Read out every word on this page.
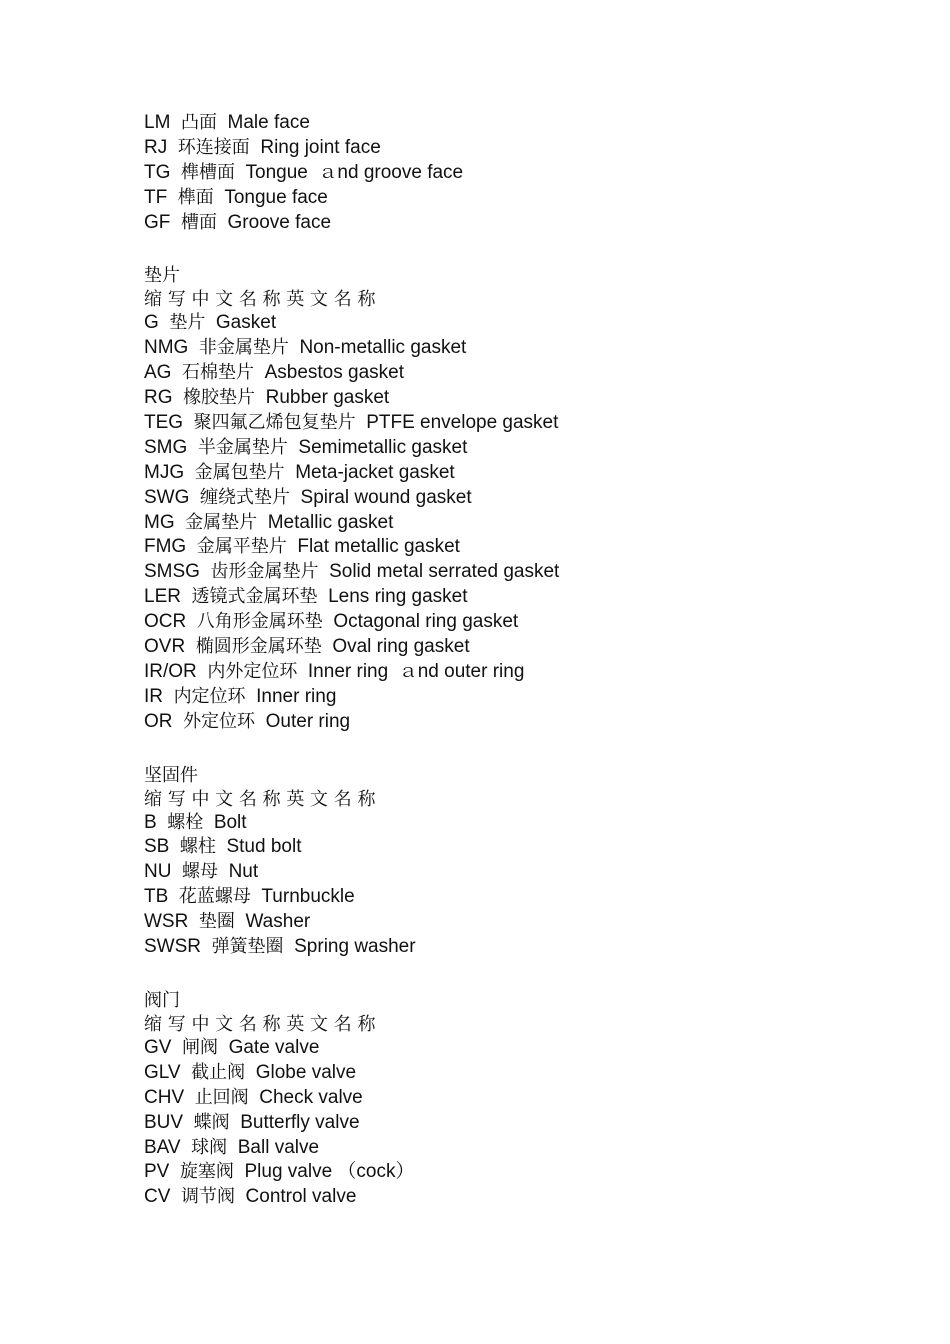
LM 凸面 Male face
RJ 环连接面 Ring joint face
TG 榫槽面 Tongue  ａnd groove face
TF 榫面 Tongue face
GF 槽面 Groove face
垫片
缩 写 中 文 名 称 英 文 名 称
G 垫片 Gasket
NMG 非金属垫片 Non-metallic gasket
AG 石棉垫片 Asbestos gasket
RG 橡胶垫片 Rubber gasket
TEG 聚四氟乙烯包复垫片 PTFE envelope gasket
SMG 半金属垫片 Semimetallic gasket
MJG 金属包垫片 Meta-jacket gasket
SWG 缠绕式垫片 Spiral wound gasket
MG 金属垫片 Metallic gasket
FMG 金属平垫片 Flat metallic gasket
SMSG 齿形金属垫片 Solid metal serrated gasket
LER 透镜式金属环垫 Lens ring gasket
OCR 八角形金属环垫 Octagonal ring gasket
OVR 椭圆形金属环垫 Oval ring gasket
IR/OR 内外定位环 Inner ring  ａnd outer ring
IR 内定位环 Inner ring
OR 外定位环 Outer ring
坚固件
缩 写 中 文 名 称 英 文 名 称
B 螺栓 Bolt
SB 螺柱 Stud bolt
NU 螺母 Nut
TB 花蓝螺母 Turnbuckle
WSR 垫圈 Washer
SWSR 弹簧垫圈 Spring washer
阀门
缩 写 中 文 名 称 英 文 名 称
GV 闸阀 Gate valve
GLV 截止阀 Globe valve
CHV 止回阀 Check valve
BUV 蝶阀 Butterfly valve
BAV 球阀 Ball valve
PV 旋塞阀 Plug valve （cock）
CV 调节阀 Control valve
